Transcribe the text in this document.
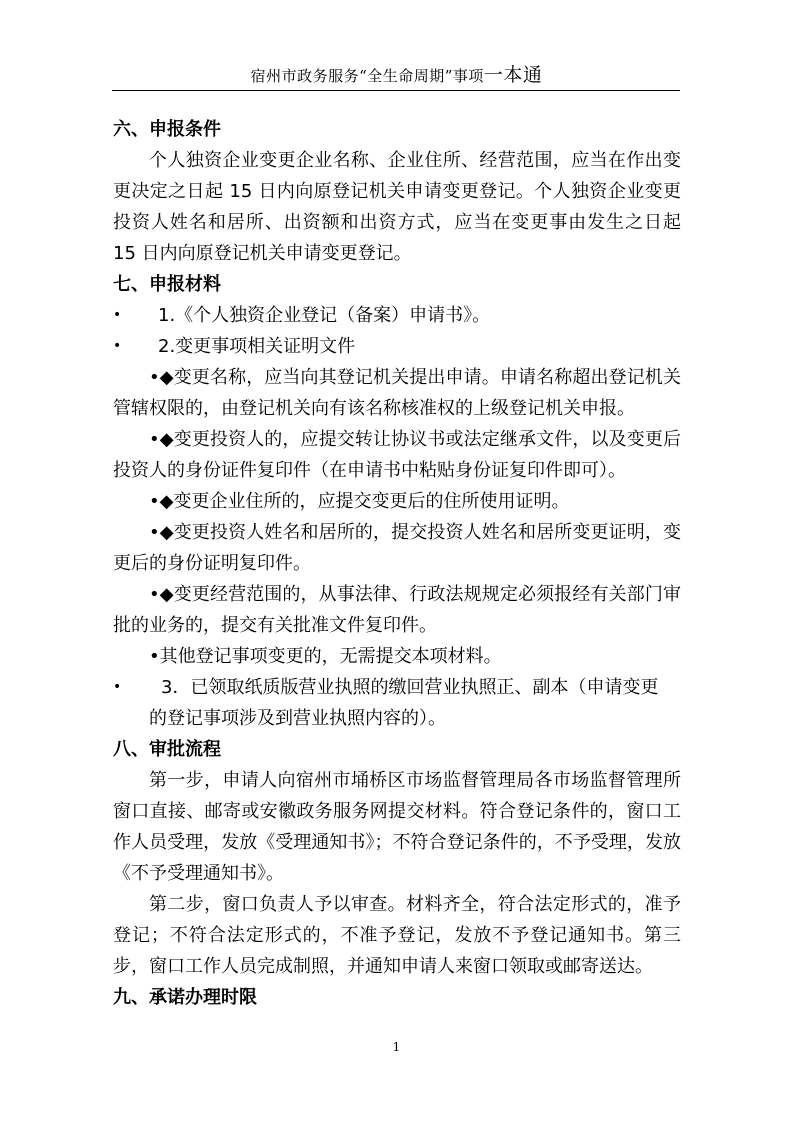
宿州市政务服务“全生命周期”事项一本通

六、申报条件

个人独资企业变更企业名称、企业住所、经营范围，应当在作出变更决定之日起 15 日内向原登记机关申请变更登记。个人独资企业变更投资人姓名和居所、出资额和出资方式，应当在变更事由发生之日起 15 日内向原登记机关申请变更登记。

七、申报材料

•	1.《个人独资企业登记（备案）申请书》。
•	2.变更事项相关证明文件

•◆变更名称，应当向其登记机关提出申请。申请名称超出登记机关管辖权限的，由登记机关向有该名称核准权的上级登记机关申报。

•◆变更投资人的，应提交转让协议书或法定继承文件，以及变更后投资人的身份证件复印件（在申请书中粘贴身份证复印件即可）。

•◆变更企业住所的，应提交变更后的住所使用证明。

•◆变更投资人姓名和居所的，提交投资人姓名和居所变更证明，变更后的身份证明复印件。

•◆变更经营范围的，从事法律、行政法规规定必须报经有关部门审批的业务的，提交有关批准文件复印件。

•其他登记事项变更的，无需提交本项材料。

•	3．已领取纸质版营业执照的缴回营业执照正、副本（申请变更
的登记事项涉及到营业执照内容的）。

八、审批流程

第一步，申请人向宿州市埇桥区市场监督管理局各市场监督管理所窗口直接、邮寄或安徽政务服务网提交材料。符合登记条件的，窗口工作人员受理，发放《受理通知书》；不符合登记条件的，不予受理，发放《不予受理通知书》。

第二步，窗口负责人予以审查。材料齐全，符合法定形式的，准予登记；不符合法定形式的，不准予登记，发放不予登记通知书。第三步，窗口工作人员完成制照，并通知申请人来窗口领取或邮寄送达。

九、承诺办理时限

1
